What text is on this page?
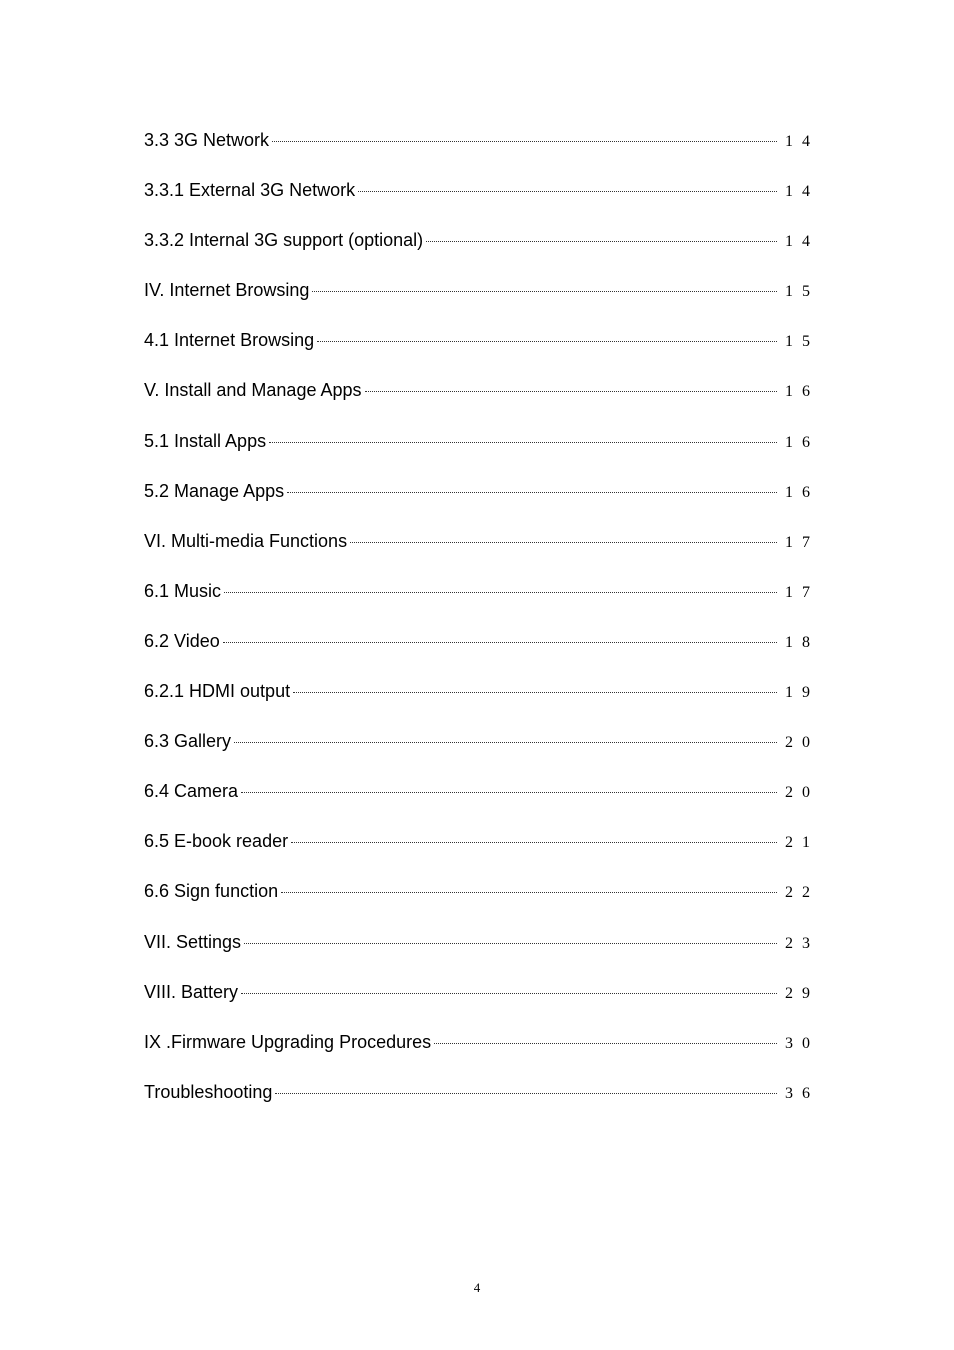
3.3 3G Network	14
3.3.1 External 3G Network	14
3.3.2 Internal 3G support (optional)	14
IV. Internet Browsing	15
4.1 Internet Browsing	15
V. Install and Manage Apps	16
5.1 Install Apps	16
5.2 Manage Apps	16
VI. Multi-media Functions	17
6.1 Music	17
6.2 Video	18
6.2.1 HDMI output	19
6.3 Gallery	20
6.4 Camera	20
6.5 E-book reader	21
6.6 Sign function	22
VII. Settings	23
VIII. Battery	29
IX .Firmware Upgrading Procedures	30
Troubleshooting	36
4
